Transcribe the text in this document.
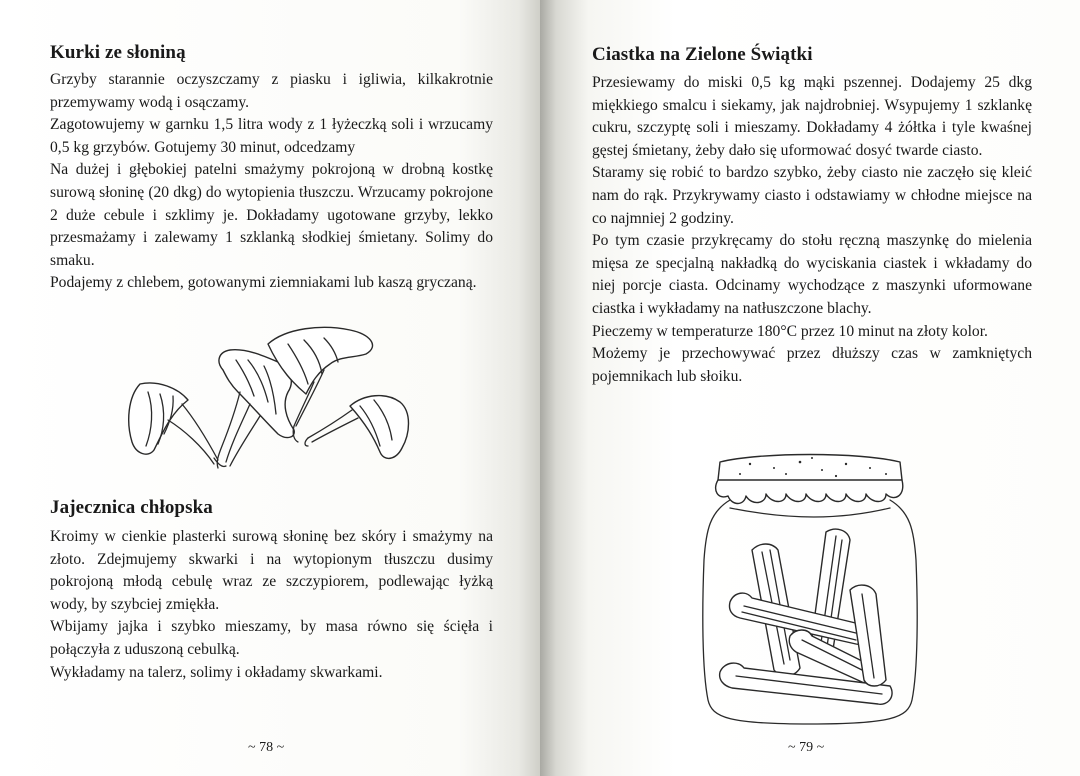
Kurki ze słoniną

Grzyby starannie oczyszczamy z piasku i igliwia, kilkakrotnie przemywamy wodą i osączamy.

Zagotowujemy w garnku 1,5 litra wody z 1 łyżeczką soli i wrzucamy 0,5 kg grzybów. Gotujemy 30 minut, odcedzamy

Na dużej i głębokiej patelni smażymy pokrojoną w drobną kostkę surową słoninę (20 dkg) do wytopienia tłuszczu. Wrzucamy pokrojone 2 duże cebule i szklimy je. Dokładamy ugotowane grzyby, lekko przesmażamy i zalewamy 1 szklanką słodkiej śmietany. Solimy do smaku.

Podajemy z chlebem, gotowanymi ziemniakami lub kaszą gryczaną.

Jajecznica chłopska

Kroimy w cienkie plasterki surową słoninę bez skóry i smażymy na złoto. Zdejmujemy skwarki i na wytopionym tłuszczu dusimy pokrojoną młodą cebulę wraz ze szczypiorem, podlewając łyżką wody, by szybciej zmiękła.

Wbijamy jajka i szybko mieszamy, by masa równo się ścięła i połączyła z uduszoną cebulką.

Wykładamy na talerz, solimy i okładamy skwarkami.

~ 78 ~
Ciastka na Zielone Świątki

Przesiewamy do miski 0,5 kg mąki pszennej. Dodajemy 25 dkg miękkiego smalcu i siekamy, jak najdrobniej. Wsypujemy 1 szklankę cukru, szczyptę soli i mieszamy. Dokładamy 4 żółtka i tyle kwaśnej gęstej śmietany, żeby dało się uformować dosyć twarde ciasto.

Staramy się robić to bardzo szybko, żeby ciasto nie zaczęło się kleić nam do rąk. Przykrywamy ciasto i odstawiamy w chłodne miejsce na co najmniej 2 godziny.

Po tym czasie przykręcamy do stołu ręczną maszynkę do mielenia mięsa ze specjalną nakładką do wyciskania ciastek i wkładamy do niej porcje ciasta. Odcinamy wychodzące z maszynki uformowane ciastka i wykładamy na natłuszczone blachy.

Pieczemy w temperaturze 180°C przez 10 minut na złoty kolor.

Możemy je przechowywać przez dłuższy czas w zamkniętych pojemnikach lub słoiku.

~ 79 ~
